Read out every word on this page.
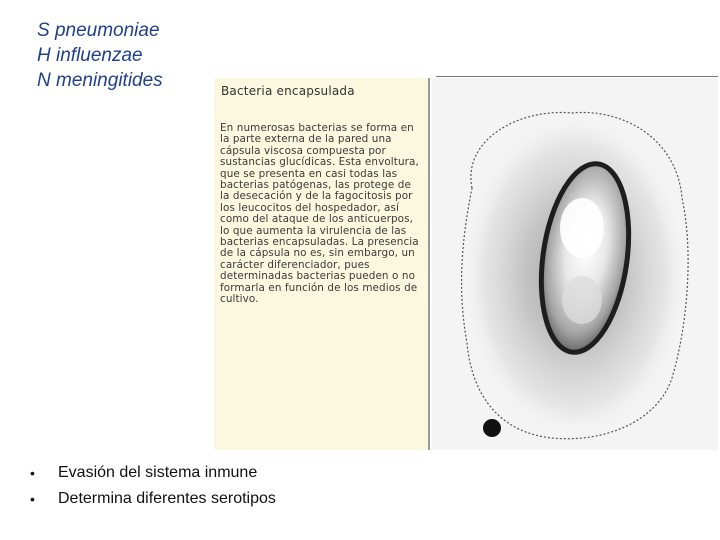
S pneumoniae
H influenzae
N meningitides	Bacteria encapsulada
En numerosas bacterias se forma en la parte externa de la pared una cápsula viscosa compuesta por sustancias glucídicas. Esta envoltura, que se presenta en casi todas las bacterias patógenas, las protege de la desecación y de la fagocitosis por los leucocitos del hospedador, así como del ataque de los anticuerpos, lo que aumenta la virulencia de las bacterias encapsuladas. La presencia de la cápsula no es, sin embargo, un carácter diferenciador, pues determinadas bacterias pueden o no formarla en función de los medios de cultivo.
•	Evasión del sistema inmune
•	Determina diferentes serotipos
